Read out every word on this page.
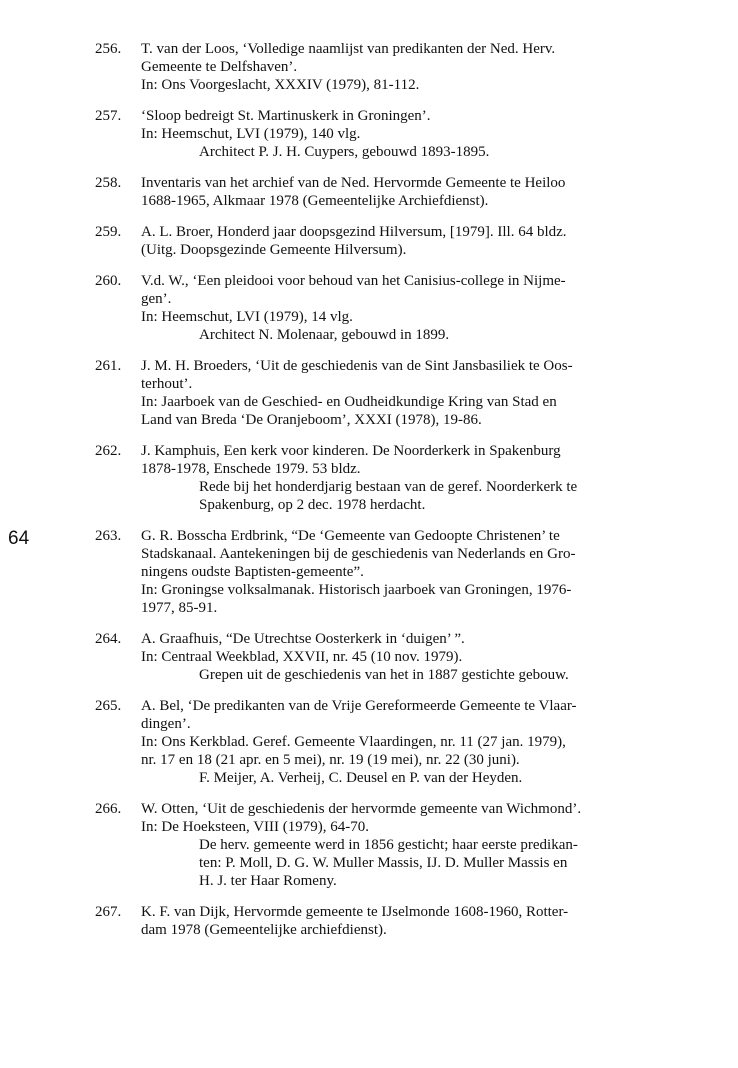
64
256.	T. van der Loos, ‘Volledige naamlijst van predikanten der Ned. Herv.
Gemeente te Delfshaven’.
In: Ons Voorgeslacht, XXXIV (1979), 81-112.
257.	‘Sloop bedreigt St. Martinuskerk in Groningen’.
In: Heemschut, LVI (1979), 140 vlg.
Architect P. J. H. Cuypers, gebouwd 1893-1895.
258.	Inventaris van het archief van de Ned. Hervormde Gemeente te Heiloo
1688-1965, Alkmaar 1978 (Gemeentelijke Archiefdienst).
259.	A. L. Broer, Honderd jaar doopsgezind Hilversum, [1979]. Ill. 64 bldz.
(Uitg. Doopsgezinde Gemeente Hilversum).
260.	V.d. W., ‘Een pleidooi voor behoud van het Canisius-college in Nijme-
gen’.
In: Heemschut, LVI (1979), 14 vlg.
Architect N. Molenaar, gebouwd in 1899.
261.	J. M. H. Broeders, ‘Uit de geschiedenis van de Sint Jansbasiliek te Oos-
terhout’.
In: Jaarboek van de Geschied- en Oudheidkundige Kring van Stad en
Land van Breda ‘De Oranjeboom’, XXXI (1978), 19-86.
262.	J. Kamphuis, Een kerk voor kinderen. De Noorderkerk in Spakenburg
1878-1978, Enschede 1979. 53 bldz.
Rede bij het honderdjarig bestaan van de geref. Noorderkerk te
Spakenburg, op 2 dec. 1978 herdacht.
263.	G. R. Bosscha Erdbrink, “De ‘Gemeente van Gedoopte Christenen’ te
Stadskanaal. Aantekeningen bij de geschiedenis van Nederlands en Gro-
ningens oudste Baptisten-gemeente”.
In: Groningse volksalmanak. Historisch jaarboek van Groningen, 1976-
1977, 85-91.
264.	A. Graafhuis, “De Utrechtse Oosterkerk in ‘duigen’ ”.
In: Centraal Weekblad, XXVII, nr. 45 (10 nov. 1979).
Grepen uit de geschiedenis van het in 1887 gestichte gebouw.
265.	A. Bel, ‘De predikanten van de Vrije Gereformeerde Gemeente te Vlaar-
dingen’.
In: Ons Kerkblad. Geref. Gemeente Vlaardingen, nr. 11 (27 jan. 1979),
nr. 17 en 18 (21 apr. en 5 mei), nr. 19 (19 mei), nr. 22 (30 juni).
F. Meijer, A. Verheij, C. Deusel en P. van der Heyden.
266.	W. Otten, ‘Uit de geschiedenis der hervormde gemeente van Wichmond’.
In: De Hoeksteen, VIII (1979), 64-70.
De herv. gemeente werd in 1856 gesticht; haar eerste predikan-
ten: P. Moll, D. G. W. Muller Massis, IJ. D. Muller Massis en
H. J. ter Haar Romeny.
267.	K. F. van Dijk, Hervormde gemeente te IJselmonde 1608-1960, Rotter-
dam 1978 (Gemeentelijke archiefdienst).
